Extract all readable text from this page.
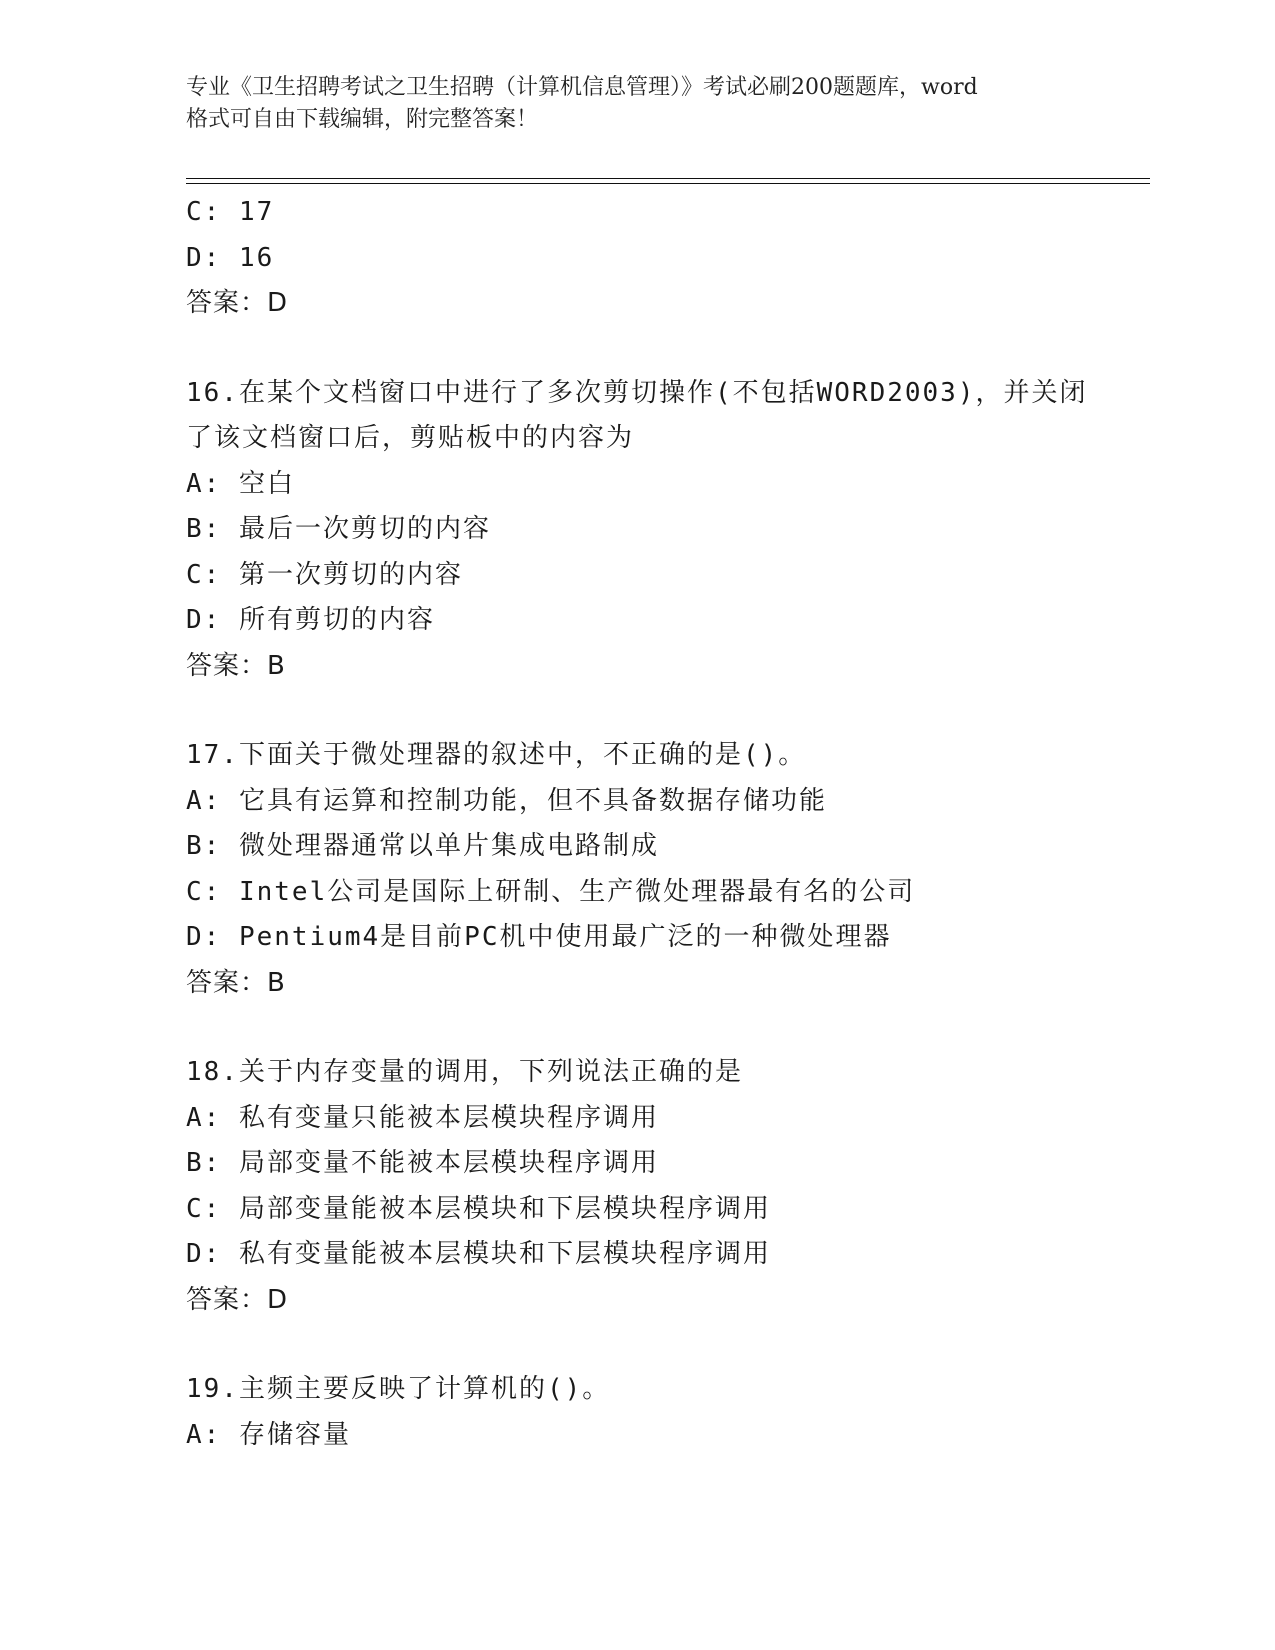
专业《卫生招聘考试之卫生招聘（计算机信息管理）》考试必刷200题题库，word
格式可自由下载编辑，附完整答案！
C: 17
D: 16
答案：D
16.在某个文档窗口中进行了多次剪切操作(不包括WORD2003)，并关闭
了该文档窗口后，剪贴板中的内容为
A: 空白
B: 最后一次剪切的内容
C: 第一次剪切的内容
D: 所有剪切的内容
答案：B
17.下面关于微处理器的叙述中，不正确的是()。
A: 它具有运算和控制功能，但不具备数据存储功能
B: 微处理器通常以单片集成电路制成
C: Intel公司是国际上研制、生产微处理器最有名的公司
D: Pentium4是目前PC机中使用最广泛的一种微处理器
答案：B
18.关于内存变量的调用，下列说法正确的是
A: 私有变量只能被本层模块程序调用
B: 局部变量不能被本层模块程序调用
C: 局部变量能被本层模块和下层模块程序调用
D: 私有变量能被本层模块和下层模块程序调用
答案：D
19.主频主要反映了计算机的()。
A: 存储容量
